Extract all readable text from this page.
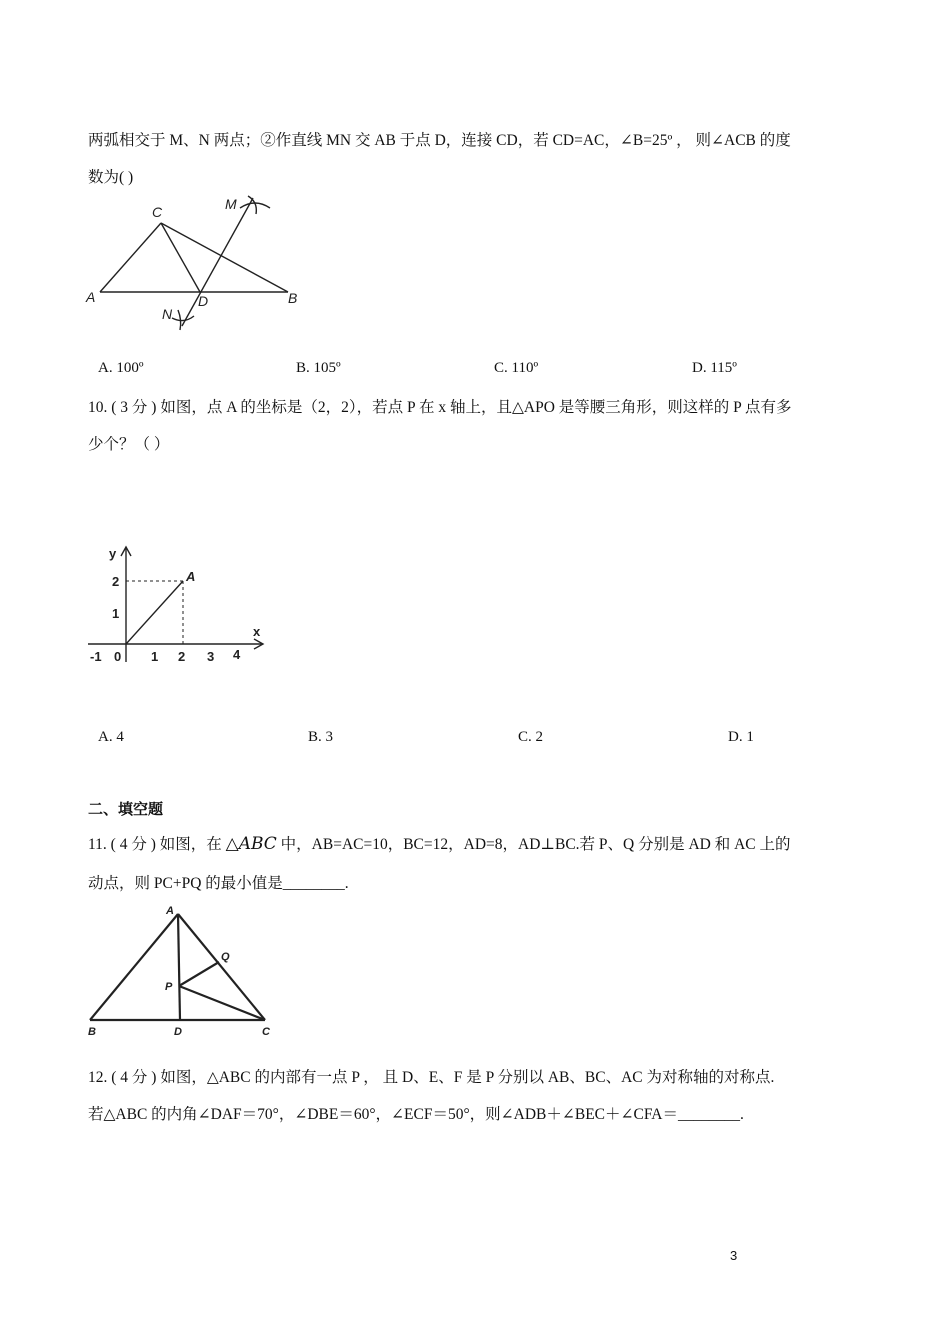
两弧相交于 M、N 两点；②作直线 MN 交 AB 于点 D，连接 CD，若 CD=AC，∠B=25º ， 则∠ACB 的度
数为( )
C	M
A	D	B
N
A. 100º	B. 105º	C. 110º	D. 115º
10. ( 3 分 ) 如图，点 A 的坐标是（2，2），若点 P 在 x 轴上，且△APO 是等腰三角形，则这样的 P 点有多
少个？（ ）
y
x
A
2
1
-1 0 1 2 3 4
A. 4	B. 3	C. 2	D. 1
二、填空题
11. ( 4 分 ) 如图，在 △ABC 中，AB=AC=10，BC=12，AD=8，AD⊥BC.若 P、Q 分别是 AD 和 AC 上的
动点，则 PC+PQ 的最小值是________.
A
Q
P
B	D	C
12. ( 4 分 ) 如图，△ABC 的内部有一点 P ， 且 D、E、F 是 P 分别以 AB、BC、AC 为对称轴的对称点.
若△ABC 的内角∠DAF＝70°，∠DBE＝60°，∠ECF＝50°，则∠ADB＋∠BEC＋∠CFA＝________.
3
